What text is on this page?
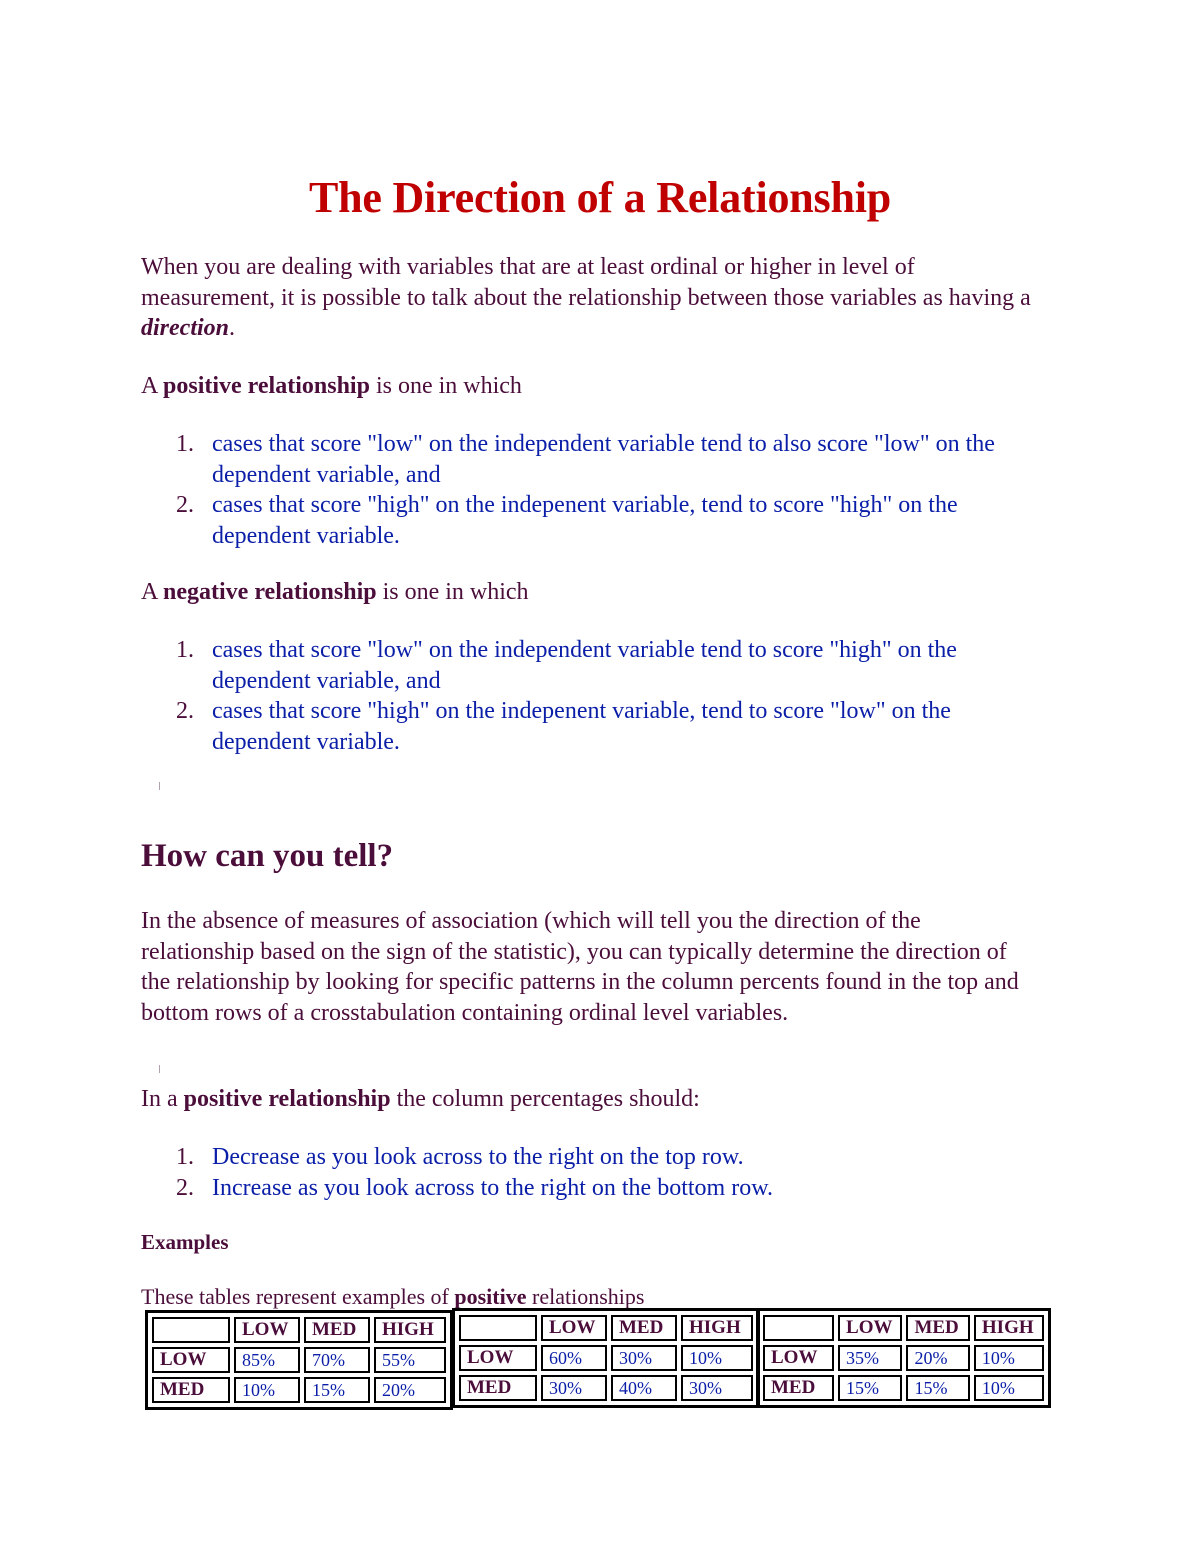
The Direction of a Relationship

When you are dealing with variables that are at least ordinal or higher in level of measurement, it is possible to talk about the relationship between those variables as having a direction.

A positive relationship is one in which

1. cases that score "low" on the independent variable tend to also score "low" on the dependent variable, and
2. cases that score "high" on the indepenent variable, tend to score "high" on the dependent variable.

A negative relationship is one in which

1. cases that score "low" on the independent variable tend to score "high" on the dependent variable, and
2. cases that score "high" on the indepenent variable, tend to score "low" on the dependent variable.
How can you tell?

In the absence of measures of association (which will tell you the direction of the relationship based on the sign of the statistic), you can typically determine the direction of the relationship by looking for specific patterns in the column percents found in the top and bottom rows of a crosstabulation containing ordinal level variables.

In a positive relationship the column percentages should:

1. Decrease as you look across to the right on the top row.
2. Increase as you look across to the right on the bottom row.
Examples
These tables represent examples of positive relationships
	LOW	MED	HIGH
LOW	85%	70%	55%
MED	10%	15%	20%
	LOW	MED	HIGH
LOW	60%	30%	10%
MED	30%	40%	30%
	LOW	MED	HIGH
LOW	35%	20%	10%
MED	15%	15%	10%
